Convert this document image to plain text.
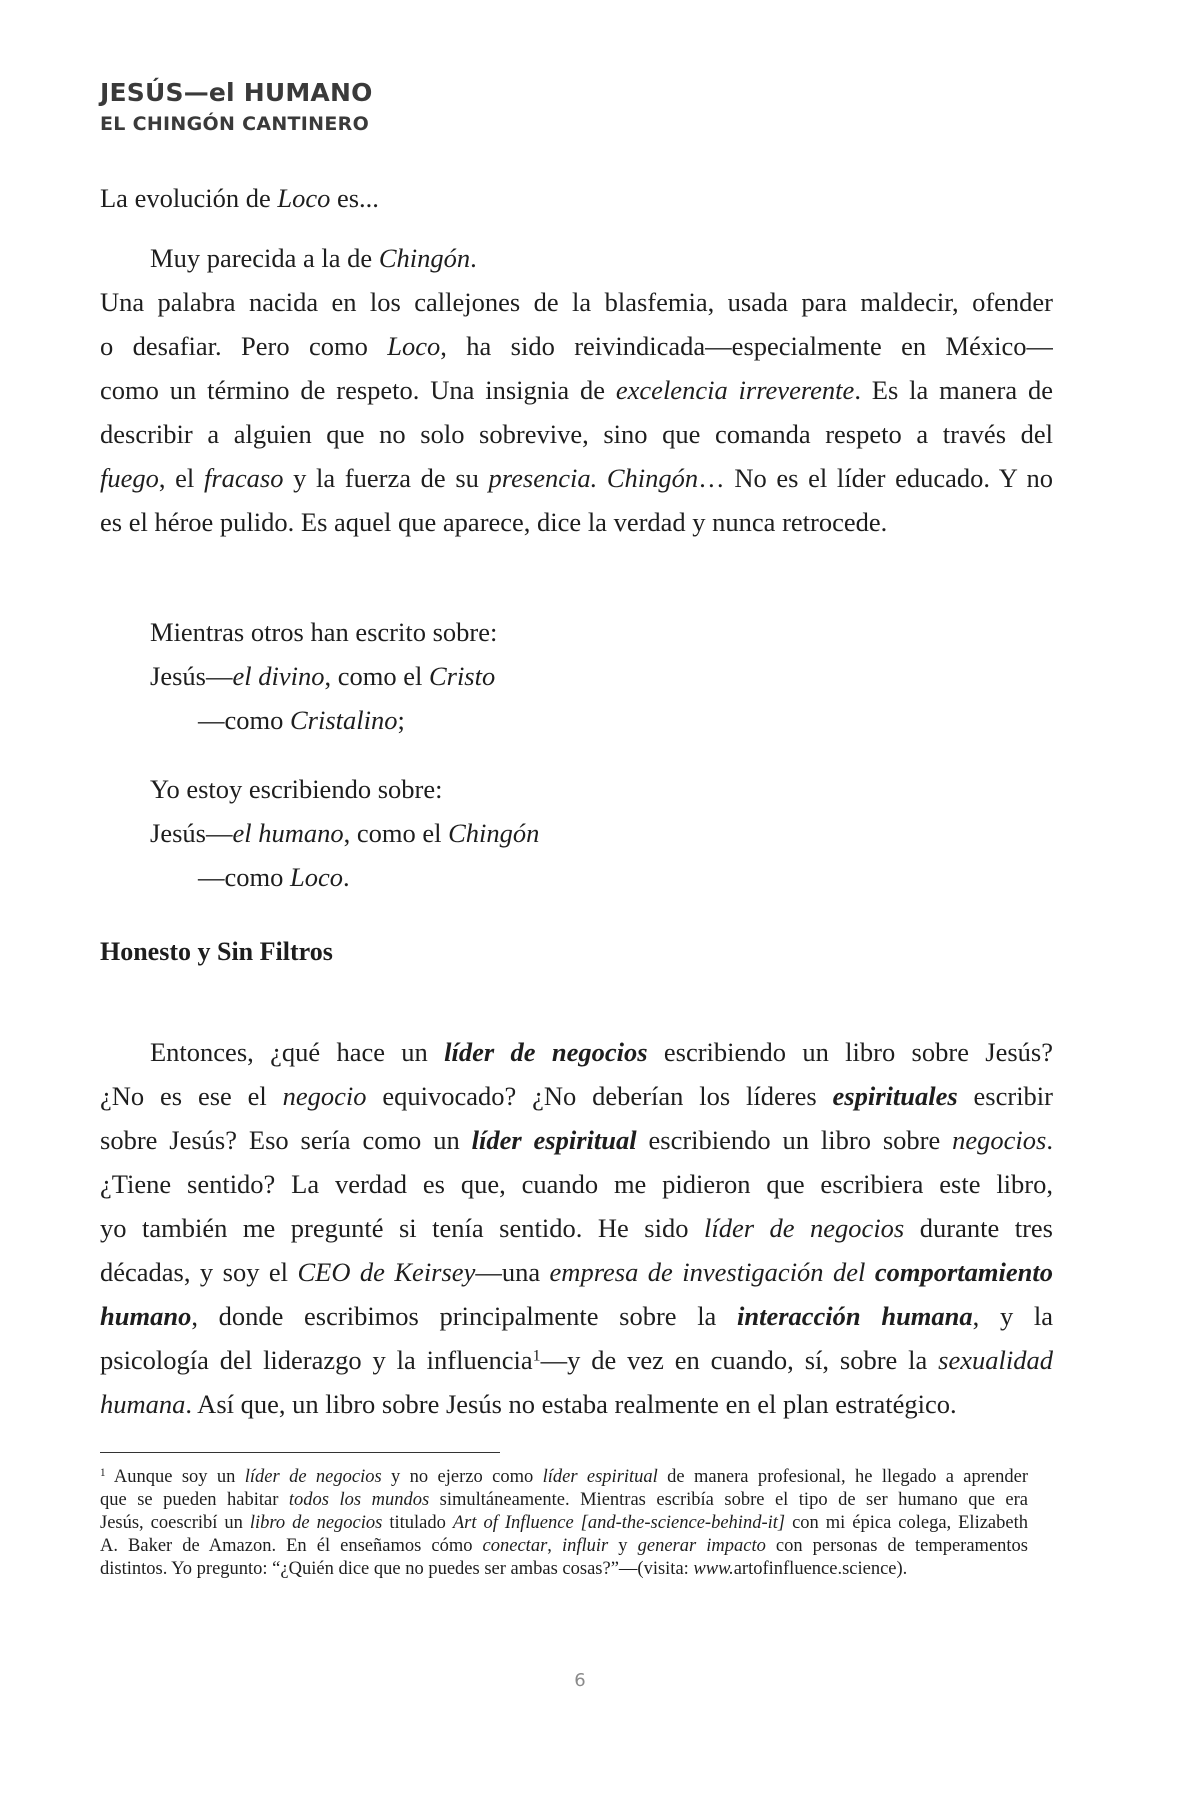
JESÚS—el HUMANO
EL CHINGÓN CANTINERO
La evolución de Loco es...
Muy parecida a la de Chingón.
Una palabra nacida en los callejones de la blasfemia, usada para maldecir, ofender
o desafiar. Pero como Loco, ha sido reivindicada—especialmente en México—
como un término de respeto. Una insignia de excelencia irreverente. Es la manera de
describir a alguien que no solo sobrevive, sino que comanda respeto a través del
fuego, el fracaso y la fuerza de su presencia. Chingón… No es el líder educado. Y no
es el héroe pulido. Es aquel que aparece, dice la verdad y nunca retrocede.
Mientras otros han escrito sobre:
Jesús—el divino, como el Cristo
—como Cristalino;
Yo estoy escribiendo sobre:
Jesús—el humano, como el Chingón
—como Loco.
Honesto y Sin Filtros
Entonces, ¿qué hace un líder de negocios escribiendo un libro sobre Jesús?
¿No es ese el negocio equivocado? ¿No deberían los líderes espirituales escribir
sobre Jesús? Eso sería como un líder espiritual escribiendo un libro sobre negocios.
¿Tiene sentido? La verdad es que, cuando me pidieron que escribiera este libro,
yo también me pregunté si tenía sentido. He sido líder de negocios durante tres
décadas, y soy el CEO de Keirsey—una empresa de investigación del comportamiento
humano, donde escribimos principalmente sobre la interacción humana, y la
psicología del liderazgo y la influencia$^1$—y de vez en cuando, sí, sobre la sexualidad
humana. Así que, un libro sobre Jesús no estaba realmente en el plan estratégico.
$^1$ Aunque soy un líder de negocios y no ejerzo como líder espiritual de manera profesional, he llegado a aprender
que se pueden habitar todos los mundos simultáneamente. Mientras escribía sobre el tipo de ser humano que era
Jesús, coescribí un libro de negocios titulado Art of Influence [and-the-science-behind-it] con mi épica colega, Elizabeth
A. Baker de Amazon. En él enseñamos cómo conectar, influir y generar impacto con personas de temperamentos
distintos. Yo pregunto: “¿Quién dice que no puedes ser ambas cosas?”—(visita: www.artofinfluence.science).
6
